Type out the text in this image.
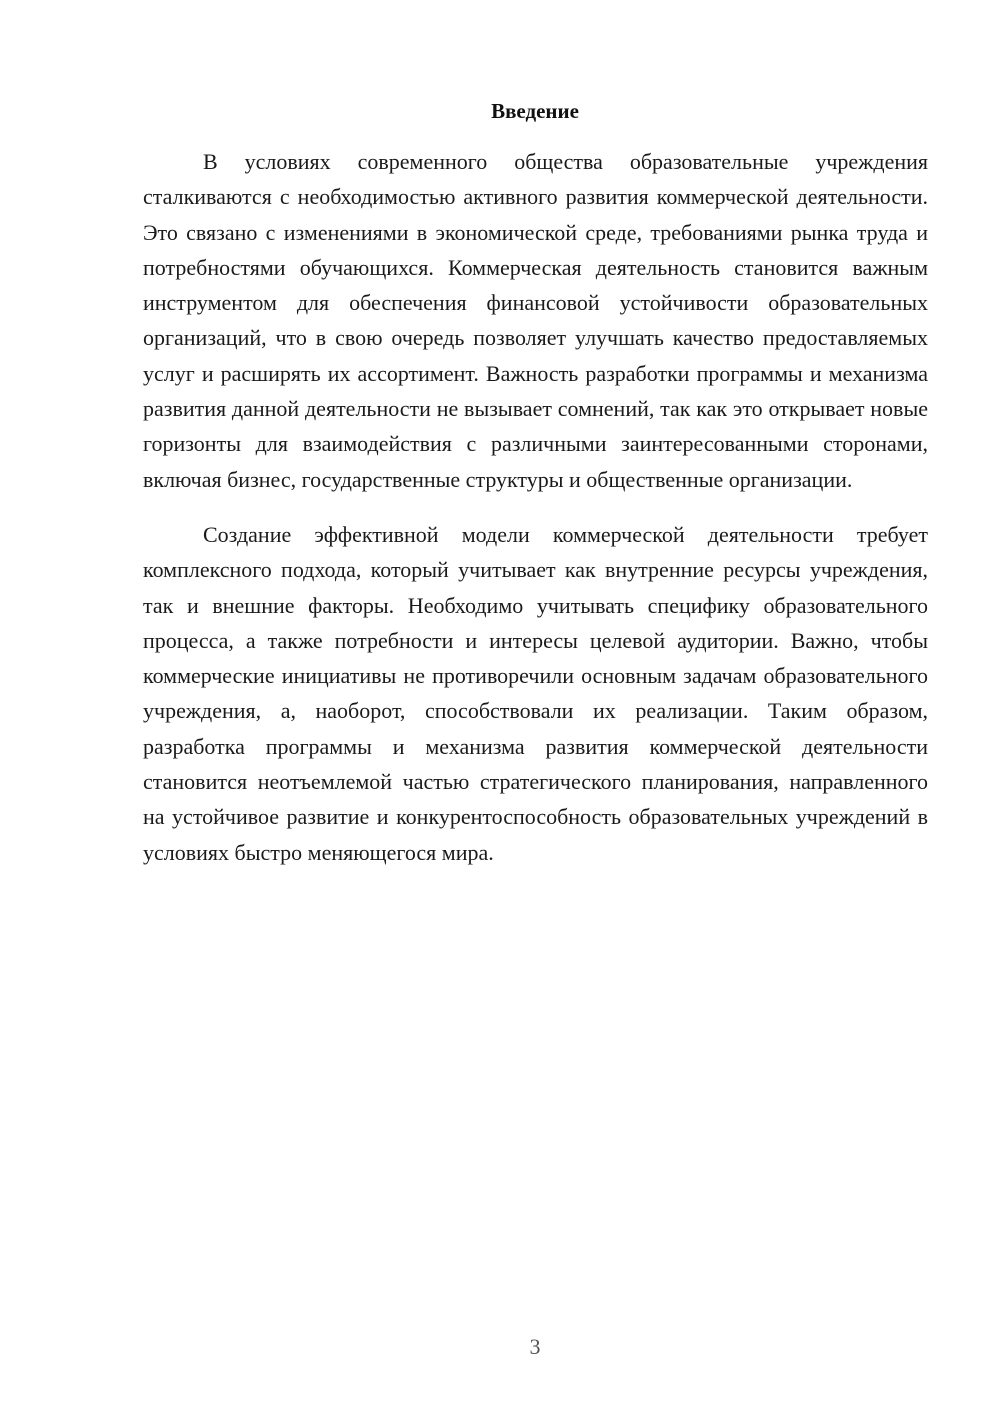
Введение

В условиях современного общества образовательные учреждения сталкиваются с необходимостью активного развития коммерческой деятельности. Это связано с изменениями в экономической среде, требованиями рынка труда и потребностями обучающихся. Коммерческая деятельность становится важным инструментом для обеспечения финансовой устойчивости образовательных организаций, что в свою очередь позволяет улучшать качество предоставляемых услуг и расширять их ассортимент. Важность разработки программы и механизма развития данной деятельности не вызывает сомнений, так как это открывает новые горизонты для взаимодействия с различными заинтересованными сторонами, включая бизнес, государственные структуры и общественные организации.

Создание эффективной модели коммерческой деятельности требует комплексного подхода, который учитывает как внутренние ресурсы учреждения, так и внешние факторы. Необходимо учитывать специфику образовательного процесса, а также потребности и интересы целевой аудитории. Важно, чтобы коммерческие инициативы не противоречили основным задачам образовательного учреждения, а, наоборот, способствовали их реализации. Таким образом, разработка программы и механизма развития коммерческой деятельности становится неотъемлемой частью стратегического планирования, направленного на устойчивое развитие и конкурентоспособность образовательных учреждений в условиях быстро меняющегося мира.

3
